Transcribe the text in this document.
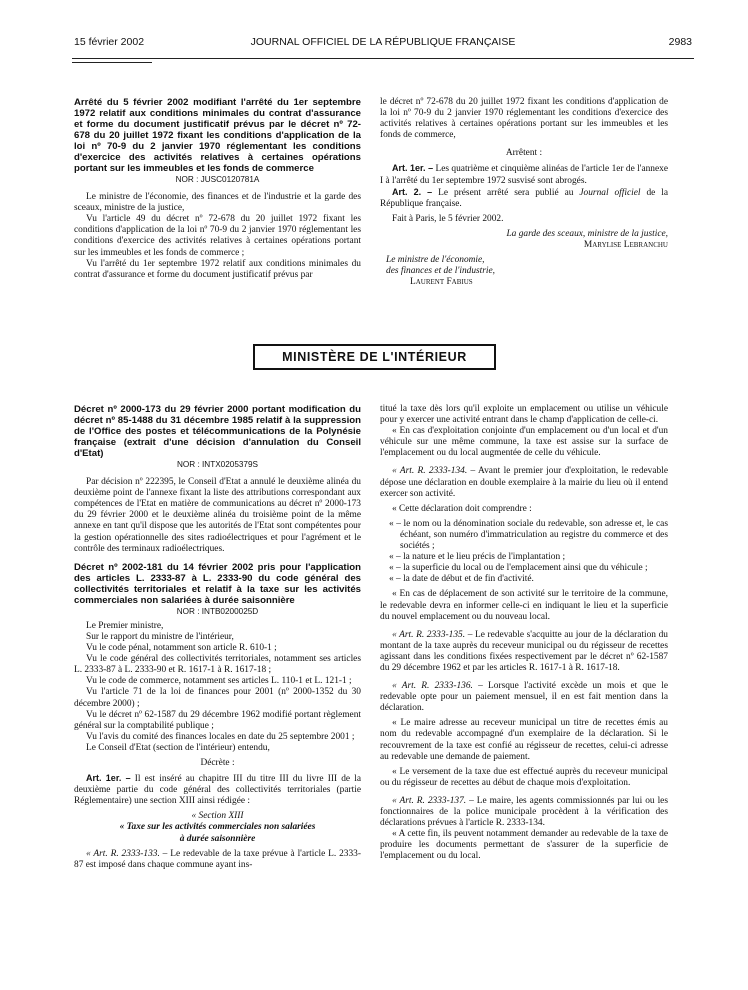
15 février 2002	JOURNAL OFFICIEL DE LA RÉPUBLIQUE FRANÇAISE	2983

Arrêté du 5 février 2002 modifiant l'arrêté du 1er septembre 1972 relatif aux conditions minimales du contrat d'assurance et forme du document justificatif prévus par le décret nº 72-678 du 20 juillet 1972 fixant les conditions d'application de la loi nº 70-9 du 2 janvier 1970 réglementant les conditions d'exercice des activités relatives à certaines opérations portant sur les immeubles et les fonds de commerce

NOR : JUSC0120781A

Le ministre de l'économie, des finances et de l'industrie et la garde des sceaux, ministre de la justice,

Vu l'article 49 du décret nº 72-678 du 20 juillet 1972 fixant les conditions d'application de la loi nº 70-9 du 2 janvier 1970 réglementant les conditions d'exercice des activités relatives à certaines opérations portant sur les immeubles et les fonds de commerce ;

Vu l'arrêté du 1er septembre 1972 relatif aux conditions minimales du contrat d'assurance et forme du document justificatif prévus par

le décret nº 72-678 du 20 juillet 1972 fixant les conditions d'application de la loi nº 70-9 du 2 janvier 1970 réglementant les conditions d'exercice des activités relatives à certaines opérations portant sur les immeubles et les fonds de commerce,

Arrêtent :

Art. 1er. – Les quatrième et cinquième alinéas de l'article 1er de l'annexe I à l'arrêté du 1er septembre 1972 susvisé sont abrogés.

Art. 2. – Le présent arrêté sera publié au Journal officiel de la République française.

Fait à Paris, le 5 février 2002.

La garde des sceaux, ministre de la justice,

Marylise Lebranchu

Le ministre de l'économie,

des finances et de l'industrie,

Laurent Fabius

MINISTÈRE DE L'INTÉRIEUR

Décret nº 2000-173 du 29 février 2000 portant modification du décret nº 85-1488 du 31 décembre 1985 relatif à la suppression de l'Office des postes et télécommunications de la Polynésie française (extrait d'une décision d'annulation du Conseil d'Etat)

NOR : INTX0205379S

Par décision nº 222395, le Conseil d'Etat a annulé le deuxième alinéa du deuxième point de l'annexe fixant la liste des attributions correspondant aux compétences de l'Etat en matière de communications au décret nº 2000-173 du 29 février 2000 et le deuxième alinéa du troisième point de la même annexe en tant qu'il dispose que les autorités de l'Etat sont compétentes pour la gestion opérationnelle des sites radioélectriques et pour l'agrément et le contrôle des terminaux radioélectriques.

Décret nº 2002-181 du 14 février 2002 pris pour l'application des articles L. 2333-87 à L. 2333-90 du code général des collectivités territoriales et relatif à la taxe sur les activités commerciales non salariées à durée saisonnière

NOR : INTB0200025D

Le Premier ministre,

Sur le rapport du ministre de l'intérieur,

Vu le code pénal, notamment son article R. 610-1 ;

Vu le code général des collectivités territoriales, notamment ses articles L. 2333-87 à L. 2333-90 et R. 1617-1 à R. 1617-18 ;

Vu le code de commerce, notamment ses articles L. 110-1 et L. 121-1 ;

Vu l'article 71 de la loi de finances pour 2001 (nº 2000-1352 du 30 décembre 2000) ;

Vu le décret nº 62-1587 du 29 décembre 1962 modifié portant règlement général sur la comptabilité publique ;

Vu l'avis du comité des finances locales en date du 25 septembre 2001 ;

Le Conseil d'Etat (section de l'intérieur) entendu,

Décrète :

Art. 1er. – Il est inséré au chapitre III du titre III du livre III de la deuxième partie du code général des collectivités territoriales (partie Réglementaire) une section XIII ainsi rédigée :

« Section XIII

« Taxe sur les activités commerciales non salariées

à durée saisonnière

« Art. R. 2333-133. – Le redevable de la taxe prévue à l'article L. 2333-87 est imposé dans chaque commune ayant ins-

titué la taxe dès lors qu'il exploite un emplacement ou utilise un véhicule pour y exercer une activité entrant dans le champ d'application de celle-ci.

« En cas d'exploitation conjointe d'un emplacement ou d'un local et d'un véhicule sur une même commune, la taxe est assise sur la surface de l'emplacement ou du local augmentée de celle du véhicule.

« Art. R. 2333-134. – Avant le premier jour d'exploitation, le redevable dépose une déclaration en double exemplaire à la mairie du lieu où il entend exercer son activité.

« Cette déclaration doit comprendre :

« – le nom ou la dénomination sociale du redevable, son adresse et, le cas échéant, son numéro d'immatriculation au registre du commerce et des sociétés ;

« – la nature et le lieu précis de l'implantation ;

« – la superficie du local ou de l'emplacement ainsi que du véhicule ;

« – la date de début et de fin d'activité.

« En cas de déplacement de son activité sur le territoire de la commune, le redevable devra en informer celle-ci en indiquant le lieu et la superficie du nouvel emplacement ou du nouveau local.

« Art. R. 2333-135. – Le redevable s'acquitte au jour de la déclaration du montant de la taxe auprès du receveur municipal ou du régisseur de recettes agissant dans les conditions fixées respectivement par le décret nº 62-1587 du 29 décembre 1962 et par les articles R. 1617-1 à R. 1617-18.

« Art. R. 2333-136. – Lorsque l'activité excède un mois et que le redevable opte pour un paiement mensuel, il en est fait mention dans la déclaration.

« Le maire adresse au receveur municipal un titre de recettes émis au nom du redevable accompagné d'un exemplaire de la déclaration. Si le recouvrement de la taxe est confié au régisseur de recettes, celui-ci adresse au redevable une demande de paiement.

« Le versement de la taxe due est effectué auprès du receveur municipal ou du régisseur de recettes au début de chaque mois d'exploitation.

« Art. R. 2333-137. – Le maire, les agents commissionnés par lui ou les fonctionnaires de la police municipale procèdent à la vérification des déclarations prévues à l'article R. 2333-134.

« A cette fin, ils peuvent notamment demander au redevable de la taxe de produire les documents permettant de s'assurer de la superficie de l'emplacement ou du local.
